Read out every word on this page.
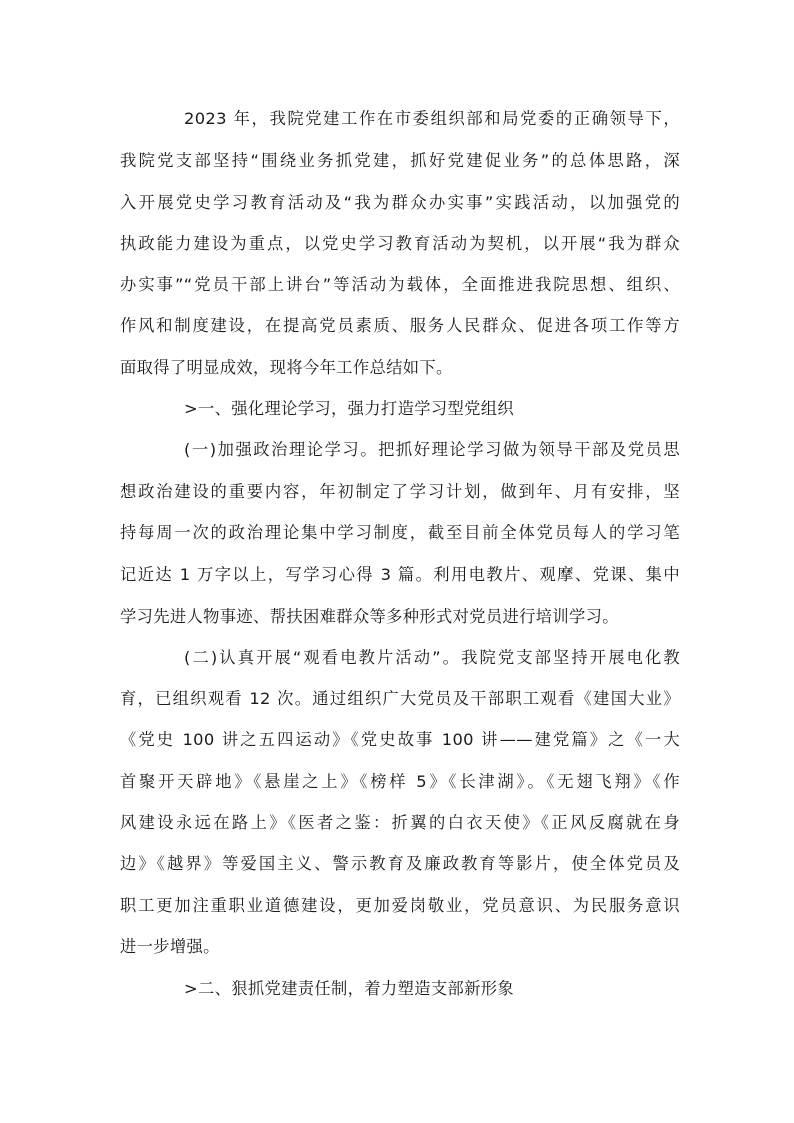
2023 年，我院党建工作在市委组织部和局党委的正确领导下，
我院党支部坚持“围绕业务抓党建，抓好党建促业务”的总体思路，深
入开展党史学习教育活动及“我为群众办实事”实践活动，以加强党的
执政能力建设为重点，以党史学习教育活动为契机，以开展“我为群众
办实事”“党员干部上讲台”等活动为载体，全面推进我院思想、组织、
作风和制度建设，在提高党员素质、服务人民群众、促进各项工作等方
面取得了明显成效，现将今年工作总结如下。
>一、强化理论学习，强力打造学习型党组织
(一)加强政治理论学习。把抓好理论学习做为领导干部及党员思
想政治建设的重要内容，年初制定了学习计划，做到年、月有安排，坚
持每周一次的政治理论集中学习制度，截至目前全体党员每人的学习笔
记近达 1 万字以上，写学习心得 3 篇。利用电教片、观摩、党课、集中
学习先进人物事迹、帮扶困难群众等多种形式对党员进行培训学习。
(二)认真开展“观看电教片活动”。我院党支部坚持开展电化教
育，已组织观看 12 次。通过组织广大党员及干部职工观看《建国大业》
《党史 100 讲之五四运动》《党史故事 100 讲——建党篇》之《一大
首聚开天辟地》《悬崖之上》《榜样 5》《长津湖》。《无翅飞翔》《作
风建设永远在路上》《医者之鉴：折翼的白衣天使》《正风反腐就在身
边》《越界》等爱国主义、警示教育及廉政教育等影片，使全体党员及
职工更加注重职业道德建设，更加爱岗敬业，党员意识、为民服务意识
进一步增强。
>二、狠抓党建责任制，着力塑造支部新形象
